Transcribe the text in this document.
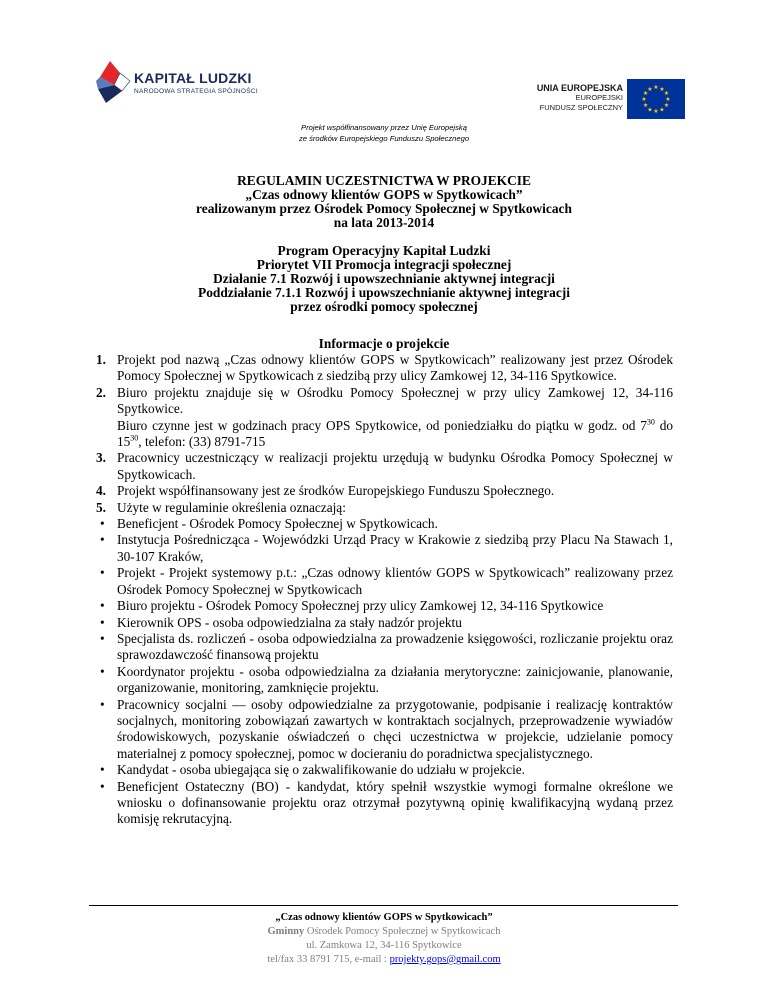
KAPITAŁ LUDZKI
NARODOWA STRATEGIA SPÓJNOŚCI	UNIA EUROPEJSKA
EUROPEJSKI
FUNDUSZ SPOŁECZNY
★ ★
★
★
★
★
★
★
★
★
★
★
Projekt współfinansowany przez Unię Europejską
ze środków Europejskiego Funduszu Społecznego
REGULAMIN UCZESTNICTWA W PROJEKCIE
„Czas odnowy klientów GOPS w Spytkowicach”
realizowanym przez Ośrodek Pomocy Społecznej w Spytkowicach
na lata 2013-2014
Program Operacyjny Kapitał Ludzki
Priorytet VII Promocja integracji społecznej
Działanie 7.1 Rozwój i upowszechnianie aktywnej integracji
Poddziałanie 7.1.1 Rozwój i upowszechnianie aktywnej integracji
przez ośrodki pomocy społecznej
Informacje o projekcie
1. Projekt pod nazwą „Czas odnowy klientów GOPS w Spytkowicach” realizowany jest przez Ośrodek Pomocy Społecznej w Spytkowicach z siedzibą przy ulicy Zamkowej 12, 34-116 Spytkowice.
2. Biuro projektu znajduje się w Ośrodku Pomocy Społecznej w przy ulicy Zamkowej 12, 34-116 Spytkowice.
Biuro czynne jest w godzinach pracy OPS Spytkowice, od poniedziałku do piątku w godz. od $7^{30}$ do $15^{30}$, telefon: (33) 8791-715
3. Pracownicy uczestniczący w realizacji projektu urzędują w budynku Ośrodka Pomocy Społecznej w Spytkowicach.
4. Projekt współfinansowany jest ze środków Europejskiego Funduszu Społecznego.
5. Użyte w regulaminie określenia oznaczają:
• Beneficjent - Ośrodek Pomocy Społecznej w Spytkowicach.
• Instytucja Pośrednicząca - Wojewódzki Urząd Pracy w Krakowie z siedzibą przy Placu Na Stawach 1, 30-107 Kraków,
• Projekt - Projekt systemowy p.t.: „Czas odnowy klientów GOPS w Spytkowicach” realizowany przez Ośrodek Pomocy Społecznej w Spytkowicach
• Biuro projektu - Ośrodek Pomocy Społecznej przy ulicy Zamkowej 12, 34-116 Spytkowice
• Kierownik OPS - osoba odpowiedzialna za stały nadzór projektu
• Specjalista ds. rozliczeń - osoba odpowiedzialna za prowadzenie księgowości, rozliczanie projektu oraz sprawozdawczość finansową projektu
• Koordynator projektu - osoba odpowiedzialna za działania merytoryczne: zainicjowanie, planowanie, organizowanie, monitoring, zamknięcie projektu.
• Pracownicy socjalni — osoby odpowiedzialne za przygotowanie, podpisanie i realizację kontraktów socjalnych, monitoring zobowiązań zawartych w kontraktach socjalnych, przeprowadzenie wywiadów środowiskowych, pozyskanie oświadczeń o chęci uczestnictwa w projekcie, udzielanie pomocy materialnej z pomocy społecznej, pomoc w docieraniu do poradnictwa specjalistycznego.
• Kandydat - osoba ubiegająca się o zakwalifikowanie do udziału w projekcie.
• Beneficjent Ostateczny (BO) - kandydat, który spełnił wszystkie wymogi formalne określone we wniosku o dofinansowanie projektu oraz otrzymał pozytywną opinię kwalifikacyjną wydaną przez komisję rekrutacyjną.
„Czas odnowy klientów GOPS w Spytkowicach”
Gminny Ośrodek Pomocy Społecznej w Spytkowicach
ul. Zamkowa 12, 34-116 Spytkowice
tel/fax 33 8791 715, e-mail : projekty.gops@gmail.com
